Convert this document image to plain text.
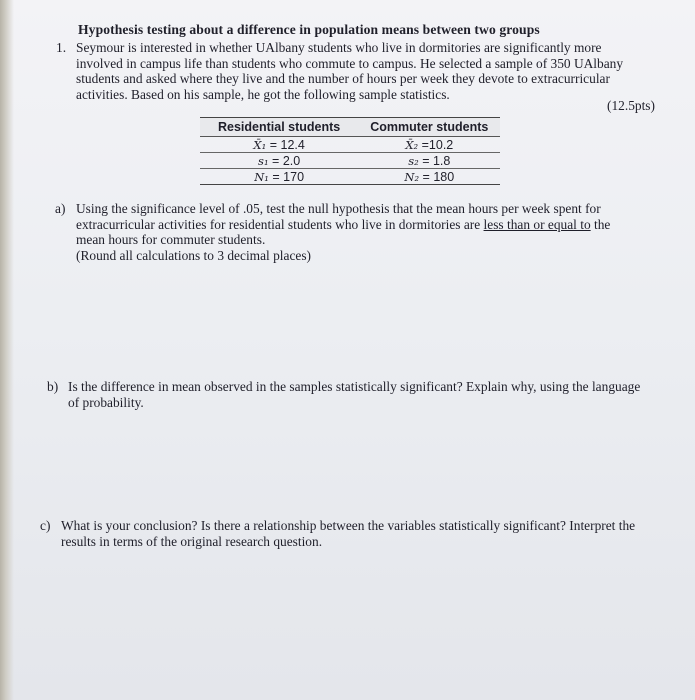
Hypothesis testing about a difference in population means between two groups
1. Seymour is interested in whether UAlbany students who live in dormitories are significantly more involved in campus life than students who commute to campus. He selected a sample of 350 UAlbany students and asked where they live and the number of hours per week they devote to extracurricular activities. Based on his sample, he got the following sample statistics.
(12.5pts)
Residential students	Commuter students
X̄₁ = 12.4	X̄₂ =10.2
s₁ = 2.0	s₂ = 1.8
N₁ = 170	N₂ = 180
a) Using the significance level of .05, test the null hypothesis that the mean hours per week spent for extracurricular activities for residential students who live in dormitories are less than or equal to the mean hours for commuter students.
(Round all calculations to 3 decimal places)
b) Is the difference in mean observed in the samples statistically significant? Explain why, using the language of probability.
c) What is your conclusion? Is there a relationship between the variables statistically significant? Interpret the results in terms of the original research question.
